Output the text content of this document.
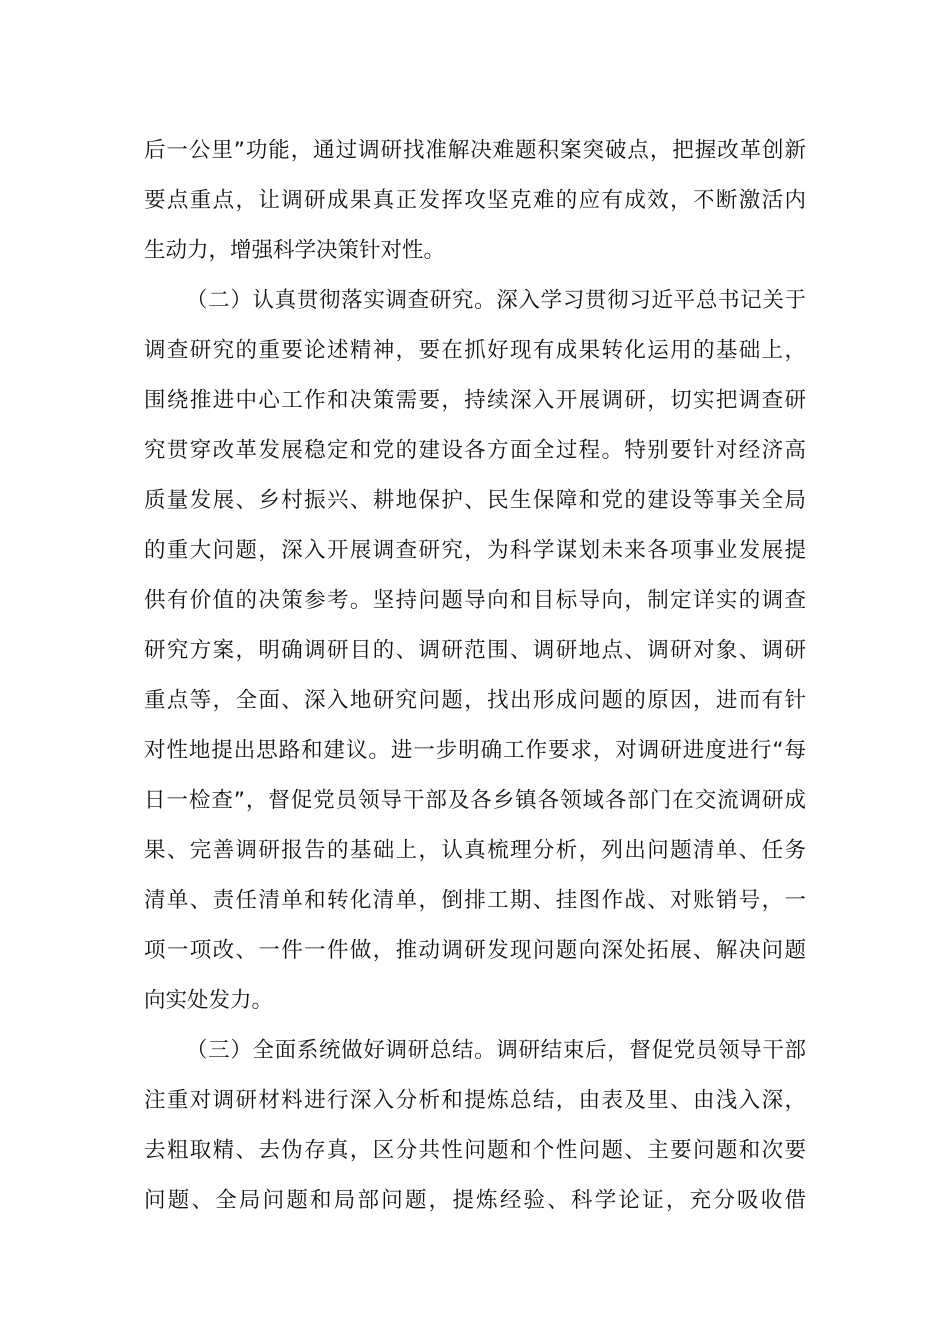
后一公里”功能，通过调研找准解决难题积案突破点，把握改革创新
要点重点，让调研成果真正发挥攻坚克难的应有成效，不断激活内
生动力，增强科学决策针对性。
（二）认真贯彻落实调查研究。深入学习贯彻习近平总书记关于
调查研究的重要论述精神，要在抓好现有成果转化运用的基础上，
围绕推进中心工作和决策需要，持续深入开展调研，切实把调查研
究贯穿改革发展稳定和党的建设各方面全过程。特别要针对经济高
质量发展、乡村振兴、耕地保护、民生保障和党的建设等事关全局
的重大问题，深入开展调查研究，为科学谋划未来各项事业发展提
供有价值的决策参考。坚持问题导向和目标导向，制定详实的调查
研究方案，明确调研目的、调研范围、调研地点、调研对象、调研
重点等，全面、深入地研究问题，找出形成问题的原因，进而有针
对性地提出思路和建议。进一步明确工作要求，对调研进度进行“每
日一检查”，督促党员领导干部及各乡镇各领域各部门在交流调研成
果、完善调研报告的基础上，认真梳理分析，列出问题清单、任务
清单、责任清单和转化清单，倒排工期、挂图作战、对账销号，一
项一项改、一件一件做，推动调研发现问题向深处拓展、解决问题
向实处发力。
（三）全面系统做好调研总结。调研结束后，督促党员领导干部
注重对调研材料进行深入分析和提炼总结，由表及里、由浅入深，
去粗取精、去伪存真，区分共性问题和个性问题、主要问题和次要
问题、全局问题和局部问题，提炼经验、科学论证，充分吸收借
